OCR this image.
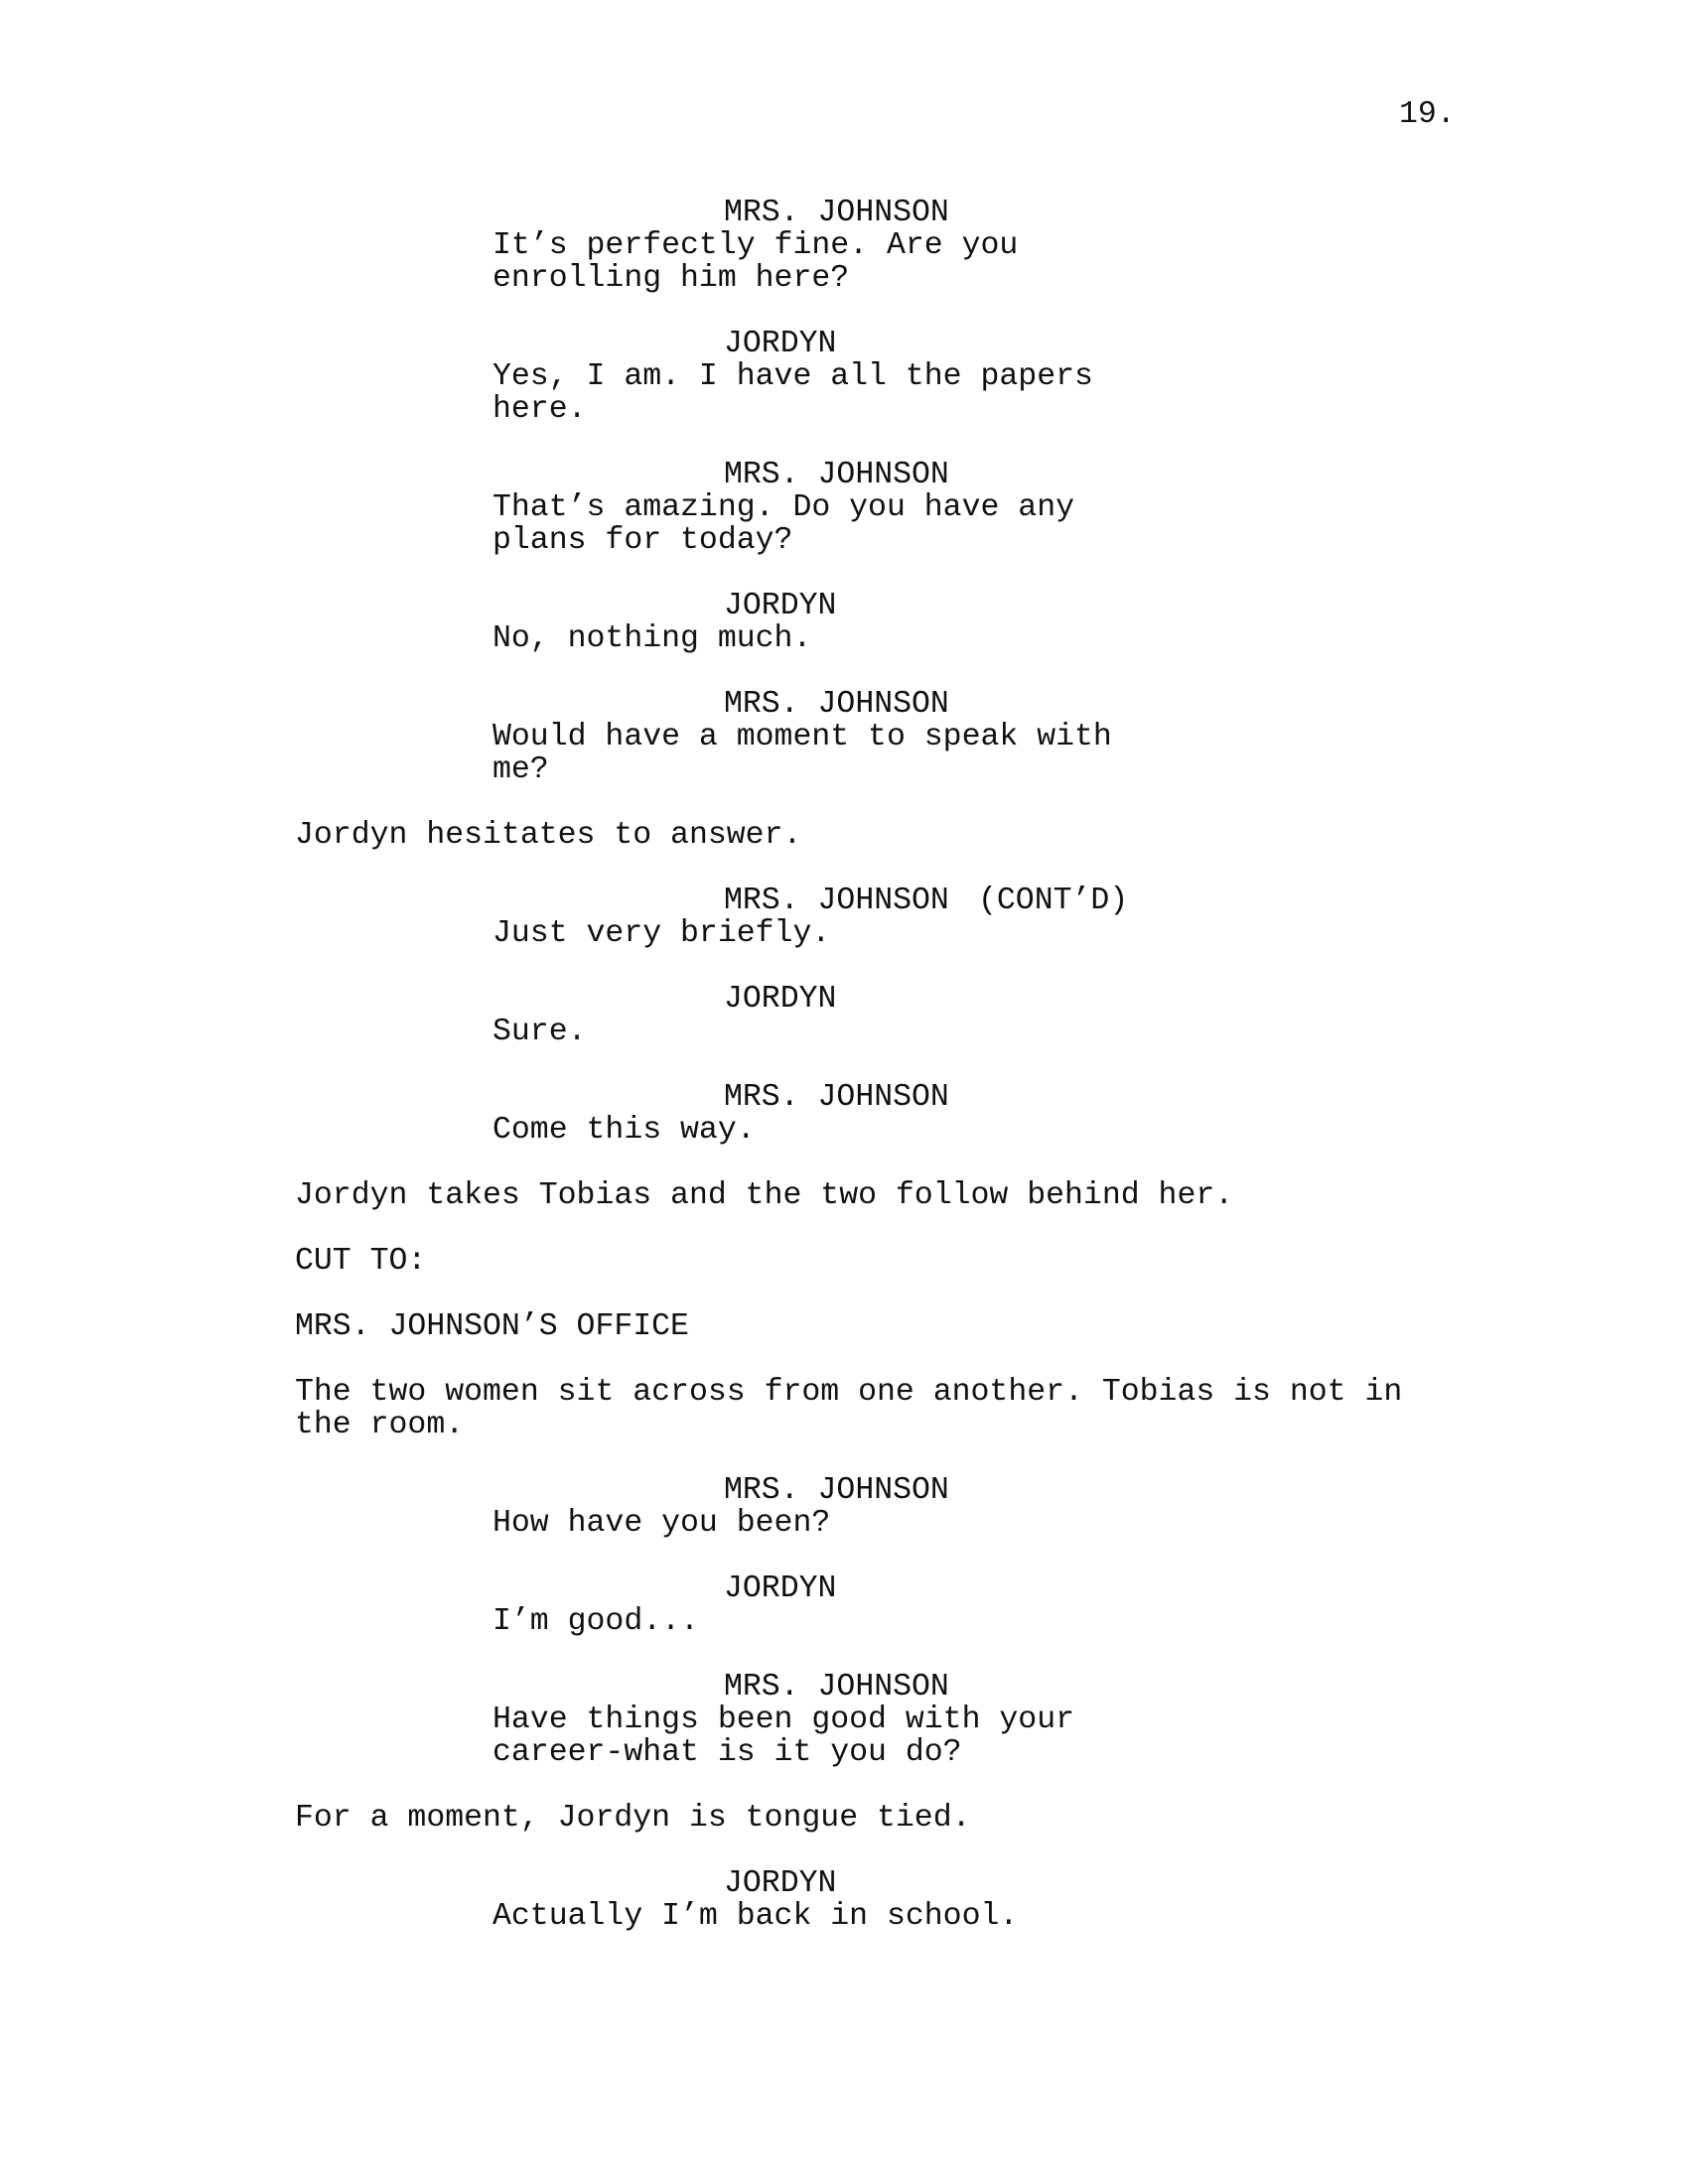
19.
MRS. JOHNSON
It’s perfectly fine. Are you
enrolling him here?
JORDYN
Yes, I am. I have all the papers
here.
MRS. JOHNSON
That’s amazing. Do you have any
plans for today?
JORDYN
No, nothing much.
MRS. JOHNSON
Would have a moment to speak with
me?
Jordyn hesitates to answer.
MRS. JOHNSON (CONT’D)
Just very briefly.
JORDYN
Sure.
MRS. JOHNSON
Come this way.
Jordyn takes Tobias and the two follow behind her.
CUT TO:
MRS. JOHNSON’S OFFICE
The two women sit across from one another. Tobias is not in
the room.
MRS. JOHNSON
How have you been?
JORDYN
I’m good...
MRS. JOHNSON
Have things been good with your
career-what is it you do?
For a moment, Jordyn is tongue tied.
JORDYN
Actually I’m back in school.
